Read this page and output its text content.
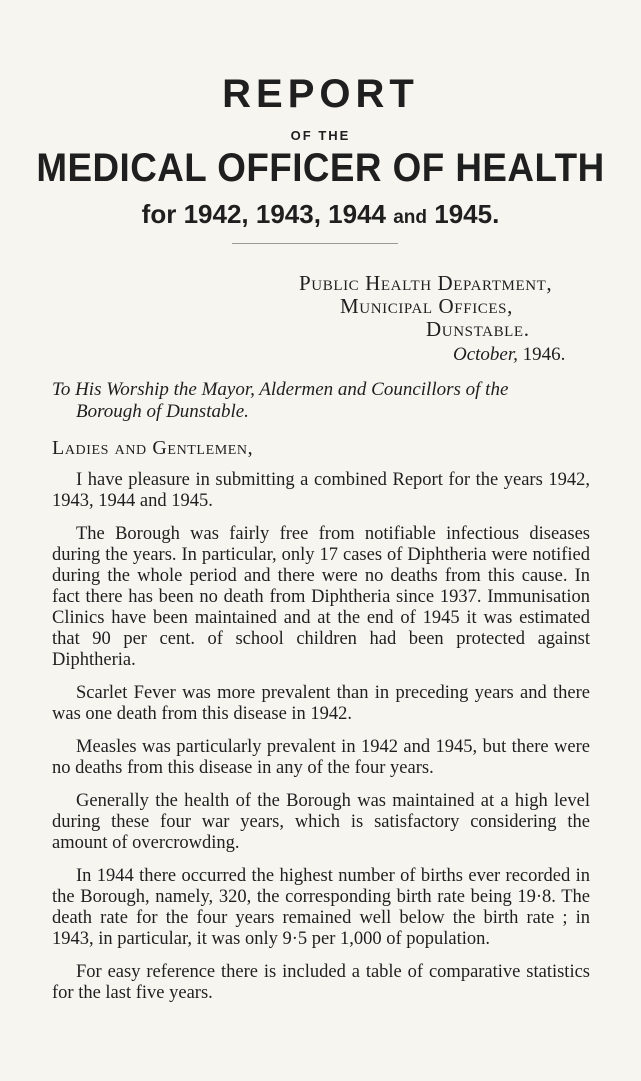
REPORT
OF THE
MEDICAL OFFICER OF HEALTH
for 1942, 1943, 1944 and 1945.
Public Health Department,
Municipal Offices,
Dunstable.
October, 1946.
To His Worship the Mayor, Aldermen and Councillors of the
Borough of Dunstable.
Ladies and Gentlemen,

I have pleasure in submitting a combined Report for the years 1942, 1943, 1944 and 1945.

The Borough was fairly free from notifiable infectious diseases during the years. In particular, only 17 cases of Diphtheria were notified during the whole period and there were no deaths from this cause. In fact there has been no death from Diphtheria since 1937. Immunisation Clinics have been maintained and at the end of 1945 it was estimated that 90 per cent. of school children had been protected against Diphtheria.

Scarlet Fever was more prevalent than in preceding years and there was one death from this disease in 1942.

Measles was particularly prevalent in 1942 and 1945, but there were no deaths from this disease in any of the four years.

Generally the health of the Borough was maintained at a high level during these four war years, which is satisfactory considering the amount of overcrowding.

In 1944 there occurred the highest number of births ever recorded in the Borough, namely, 320, the corresponding birth rate being 19·8. The death rate for the four years remained well below the birth rate ; in 1943, in particular, it was only 9·5 per 1,000 of population.

For easy reference there is included a table of comparative statistics for the last five years.
